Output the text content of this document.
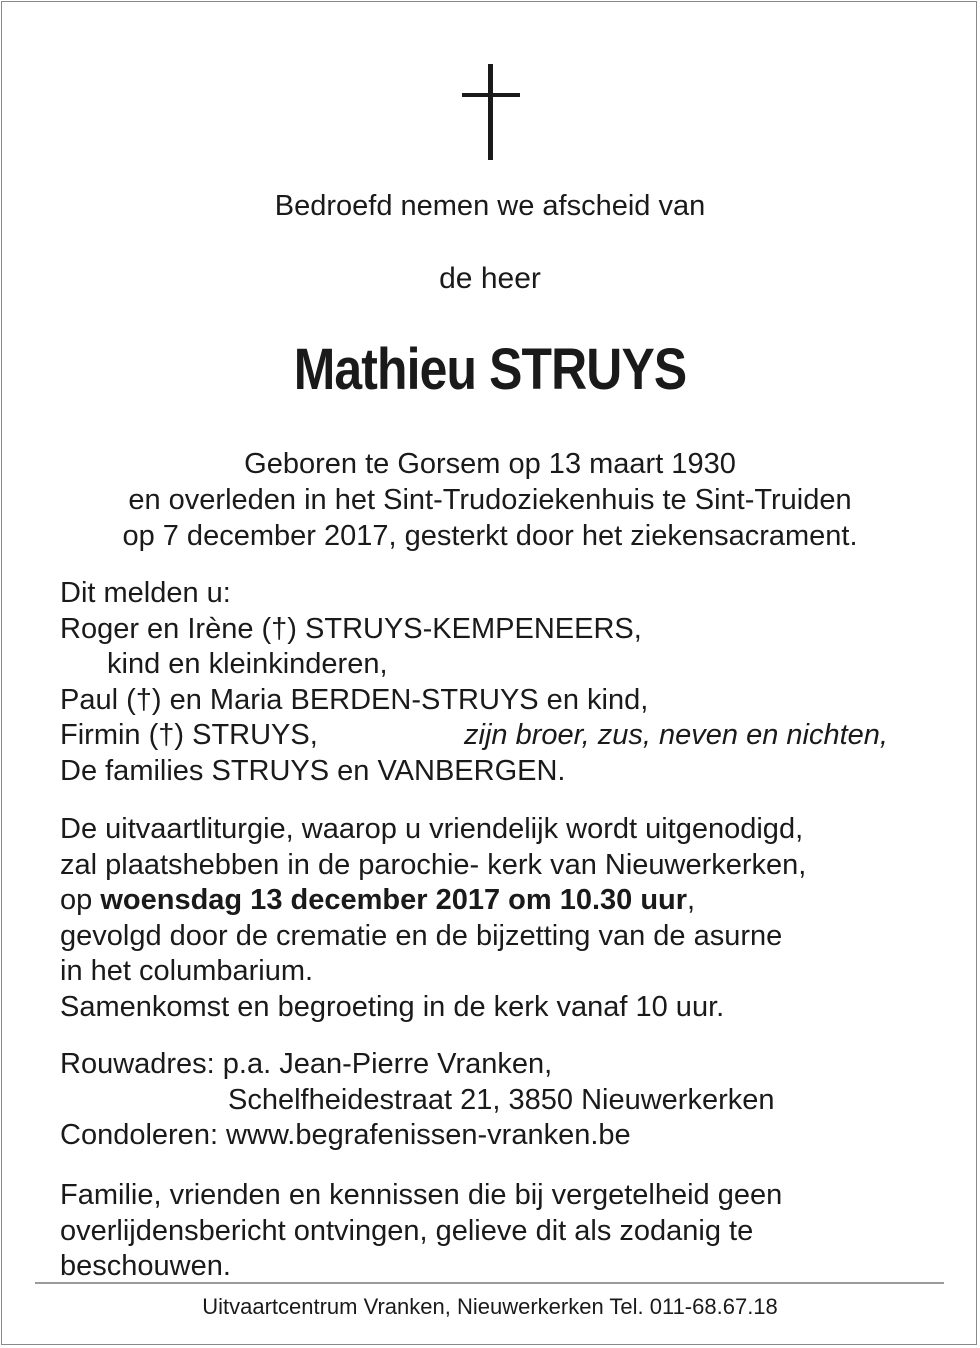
Bedroefd nemen we afscheid van
de heer
Mathieu STRUYS
Geboren te Gorsem op 13 maart 1930
en overleden in het Sint-Trudoziekenhuis te Sint-Truiden
op 7 december 2017, gesterkt door het ziekensacrament.
Dit melden u:
Roger en Irène (†) STRUYS-KEMPENEERS,
kind en kleinkinderen,
Paul (†) en Maria BERDEN-STRUYS en kind,
Firmin (†) STRUYS,	zijn broer, zus, neven en nichten,
De families STRUYS en VANBERGEN.
De uitvaartliturgie, waarop u vriendelijk wordt uitgenodigd,
zal plaatshebben in de parochie- kerk van Nieuwerkerken,
op woensdag 13 december 2017 om 10.30 uur,
gevolgd door de crematie en de bijzetting van de asurne
in het columbarium.
Samenkomst en begroeting in de kerk vanaf 10 uur.
Rouwadres: p.a. Jean-Pierre Vranken,
Schelfheidestraat 21, 3850 Nieuwerkerken
Condoleren: www.begrafenissen-vranken.be
Familie, vrienden en kennissen die bij vergetelheid geen
overlijdensbericht ontvingen, gelieve dit als zodanig te
beschouwen.
Uitvaartcentrum Vranken, Nieuwerkerken Tel. 011-68.67.18
